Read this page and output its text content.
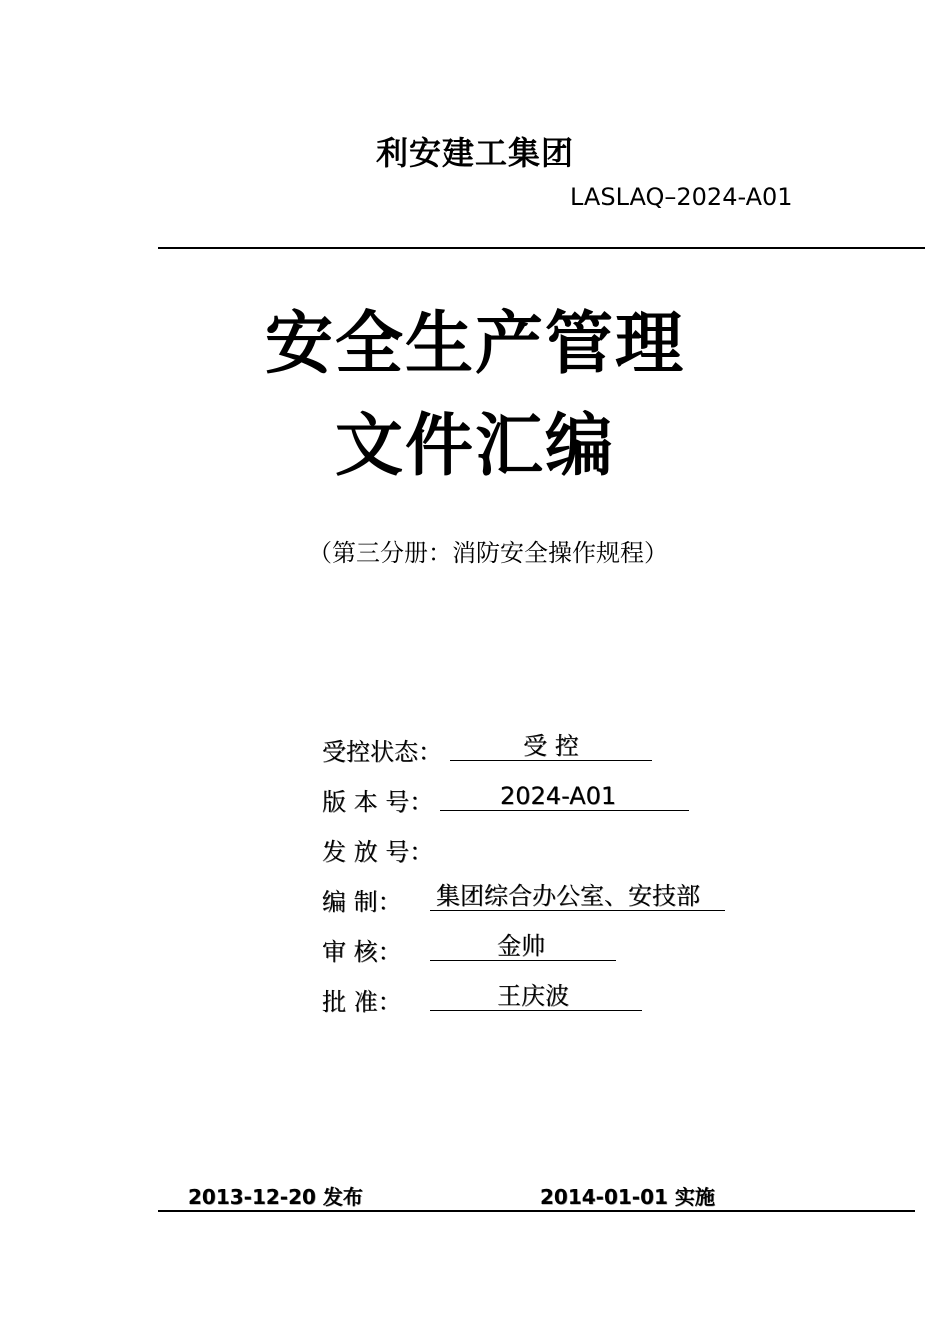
利安建工集团
LASLAQ–2024-A01
安全生产管理
文件汇编
（第三分册：消防安全操作规程）
受控状态：	受 控
版 本 号：	2024-A01
发 放 号：
编 制： 集团综合办公室、安技部
审 核：	金帅
批 准：	王庆波
2013-12-20 发布	2014-01-01 实施
